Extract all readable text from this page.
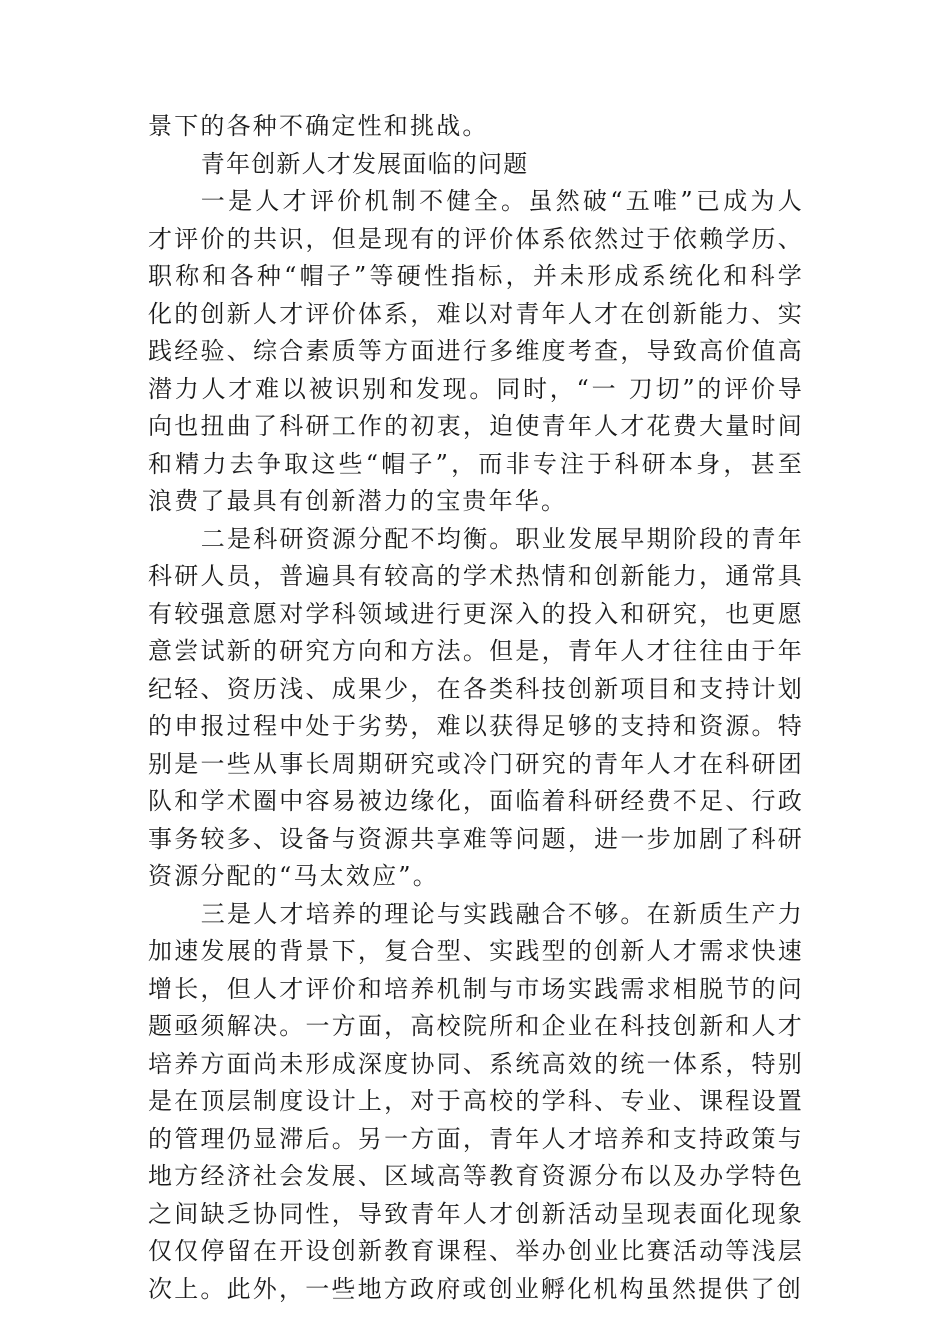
景下的各种不确定性和挑战。

青年创新人才发展面临的问题

一是人才评价机制不健全。虽然破“五唯”已成为人才评价的共识，但是现有的评价体系依然过于依赖学历、职称和各种“帽子”等硬性指标，并未形成系统化和科学化的创新人才评价体系，难以对青年人才在创新能力、实践经验、综合素质等方面进行多维度考查，导致高价值高潜力人才难以被识别和发现。同时，“一 刀切”的评价导向也扭曲了科研工作的初衷，迫使青年人才花费大量时间和精力去争取这些“帽子”，而非专注于科研本身，甚至浪费了最具有创新潜力的宝贵年华。

二是科研资源分配不均衡。职业发展早期阶段的青年科研人员，普遍具有较高的学术热情和创新能力，通常具有较强意愿对学科领域进行更深入的投入和研究，也更愿意尝试新的研究方向和方法。但是，青年人才往往由于年纪轻、资历浅、成果少，在各类科技创新项目和支持计划的申报过程中处于劣势，难以获得足够的支持和资源。特别是一些从事长周期研究或冷门研究的青年人才在科研团队和学术圈中容易被边缘化，面临着科研经费不足、行政事务较多、设备与资源共享难等问题，进一步加剧了科研资源分配的“马太效应”。

三是人才培养的理论与实践融合不够。在新质生产力加速发展的背景下，复合型、实践型的创新人才需求快速增长，但人才评价和培养机制与市场实践需求相脱节的问题亟须解决。一方面，高校院所和企业在科技创新和人才培养方面尚未形成深度协同、系统高效的统一体系，特别是在顶层制度设计上，对于高校的学科、专业、课程设置的管理仍显滞后。另一方面，青年人才培养和支持政策与地方经济社会发展、区域高等教育资源分布以及办学特色之间缺乏协同性，导致青年人才创新活动呈现表面化现象仅仅停留在开设创新教育课程、举办创业比赛活动等浅层次上。此外，一些地方政府或创业孵化机构虽然提供了创
